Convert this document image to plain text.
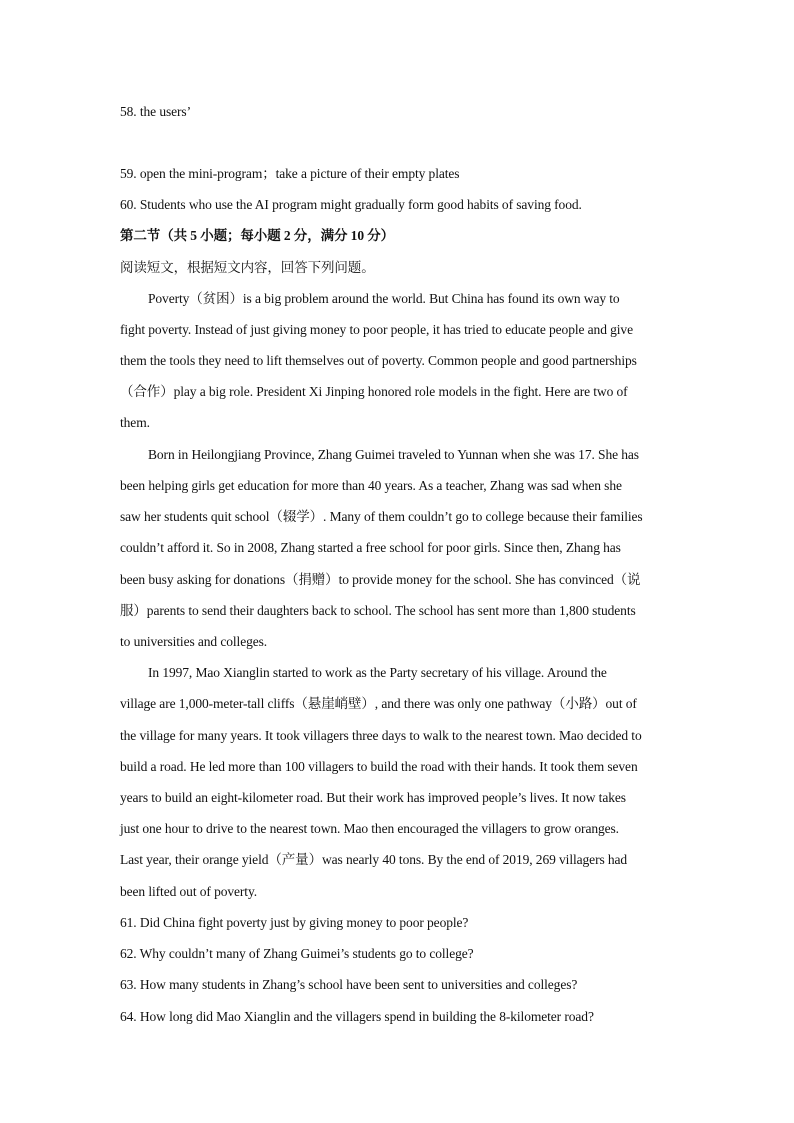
58. the users’
59. open the mini-program；take a picture of their empty plates
60. Students who use the AI program might gradually form good habits of saving food.
第二节（共 5 小题；每小题 2 分，满分 10 分）
阅读短文，根据短文内容，回答下列问题。
Poverty（贫困）is a big problem around the world. But China has found its own way to
fight poverty. Instead of just giving money to poor people, it has tried to educate people and give
them the tools they need to lift themselves out of poverty. Common people and good partnerships
（合作）play a big role. President Xi Jinping honored role models in the fight. Here are two of
them.
Born in Heilongjiang Province, Zhang Guimei traveled to Yunnan when she was 17. She has
been helping girls get education for more than 40 years. As a teacher, Zhang was sad when she
saw her students quit school（辍学）. Many of them couldn’t go to college because their families
couldn’t afford it. So in 2008, Zhang started a free school for poor girls. Since then, Zhang has
been busy asking for donations（捐赠）to provide money for the school. She has convinced（说
服）parents to send their daughters back to school. The school has sent more than 1,800 students
to universities and colleges.
In 1997, Mao Xianglin started to work as the Party secretary of his village. Around the
village are 1,000-meter-tall cliffs（悬崖峭壁）, and there was only one pathway（小路）out of
the village for many years. It took villagers three days to walk to the nearest town. Mao decided to
build a road. He led more than 100 villagers to build the road with their hands. It took them seven
years to build an eight-kilometer road. But their work has improved people’s lives. It now takes
just one hour to drive to the nearest town. Mao then encouraged the villagers to grow oranges.
Last year, their orange yield（产量）was nearly 40 tons. By the end of 2019, 269 villagers had
been lifted out of poverty.
61. Did China fight poverty just by giving money to poor people?
62. Why couldn’t many of Zhang Guimei’s students go to college?
63. How many students in Zhang’s school have been sent to universities and colleges?
64. How long did Mao Xianglin and the villagers spend in building the 8-kilometer road?
